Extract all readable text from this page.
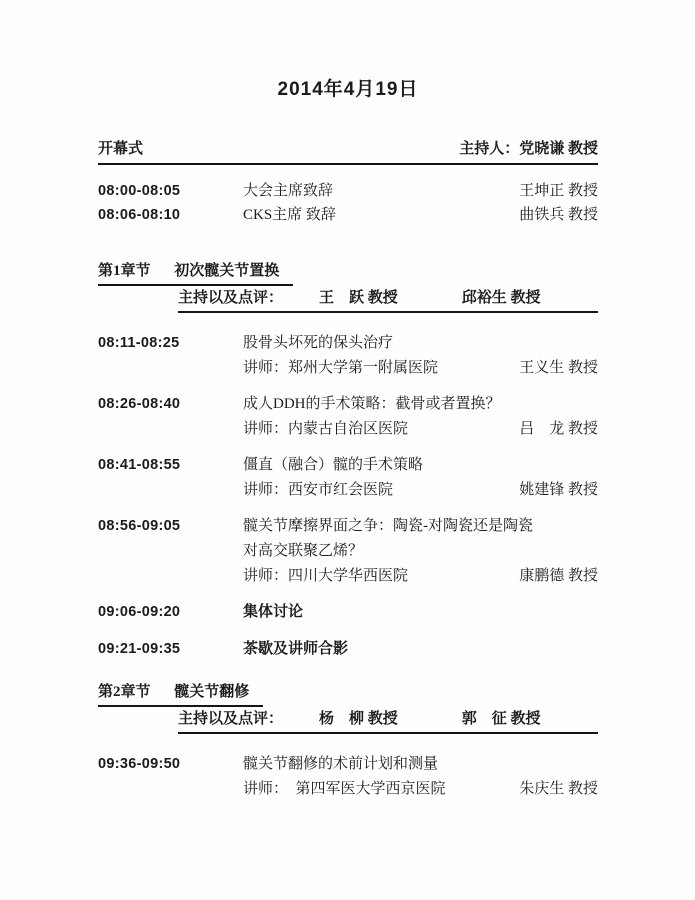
2014年4月19日
开幕式	主持人：党晓谦 教授
08:00-08:05	大会主席致辞	王坤正 教授
08:06-08:10	CKS主席 致辞	曲铁兵 教授
第1章节 初次髋关节置换
主持以及点评： 王　跃 教授	邱裕生 教授
08:11-08:25	股骨头坏死的保头治疗
讲师：郑州大学第一附属医院	王义生 教授
08:26-08:40	成人DDH的手术策略：截骨或者置换？
讲师：内蒙古自治区医院	吕　龙 教授
08:41-08:55	僵直（融合）髋的手术策略
讲师：西安市红会医院	姚建锋 教授
08:56-09:05	髋关节摩擦界面之争：陶瓷-对陶瓷还是陶瓷
对高交联聚乙烯？
讲师：四川大学华西医院	康鹏德 教授
09:06-09:20	集体讨论
09:21-09:35	茶歇及讲师合影
第2章节 髋关节翻修
主持以及点评： 杨　柳 教授	郭　征 教授
09:36-09:50	髋关节翻修的术前计划和测量
讲师：　第四军医大学西京医院	朱庆生 教授
